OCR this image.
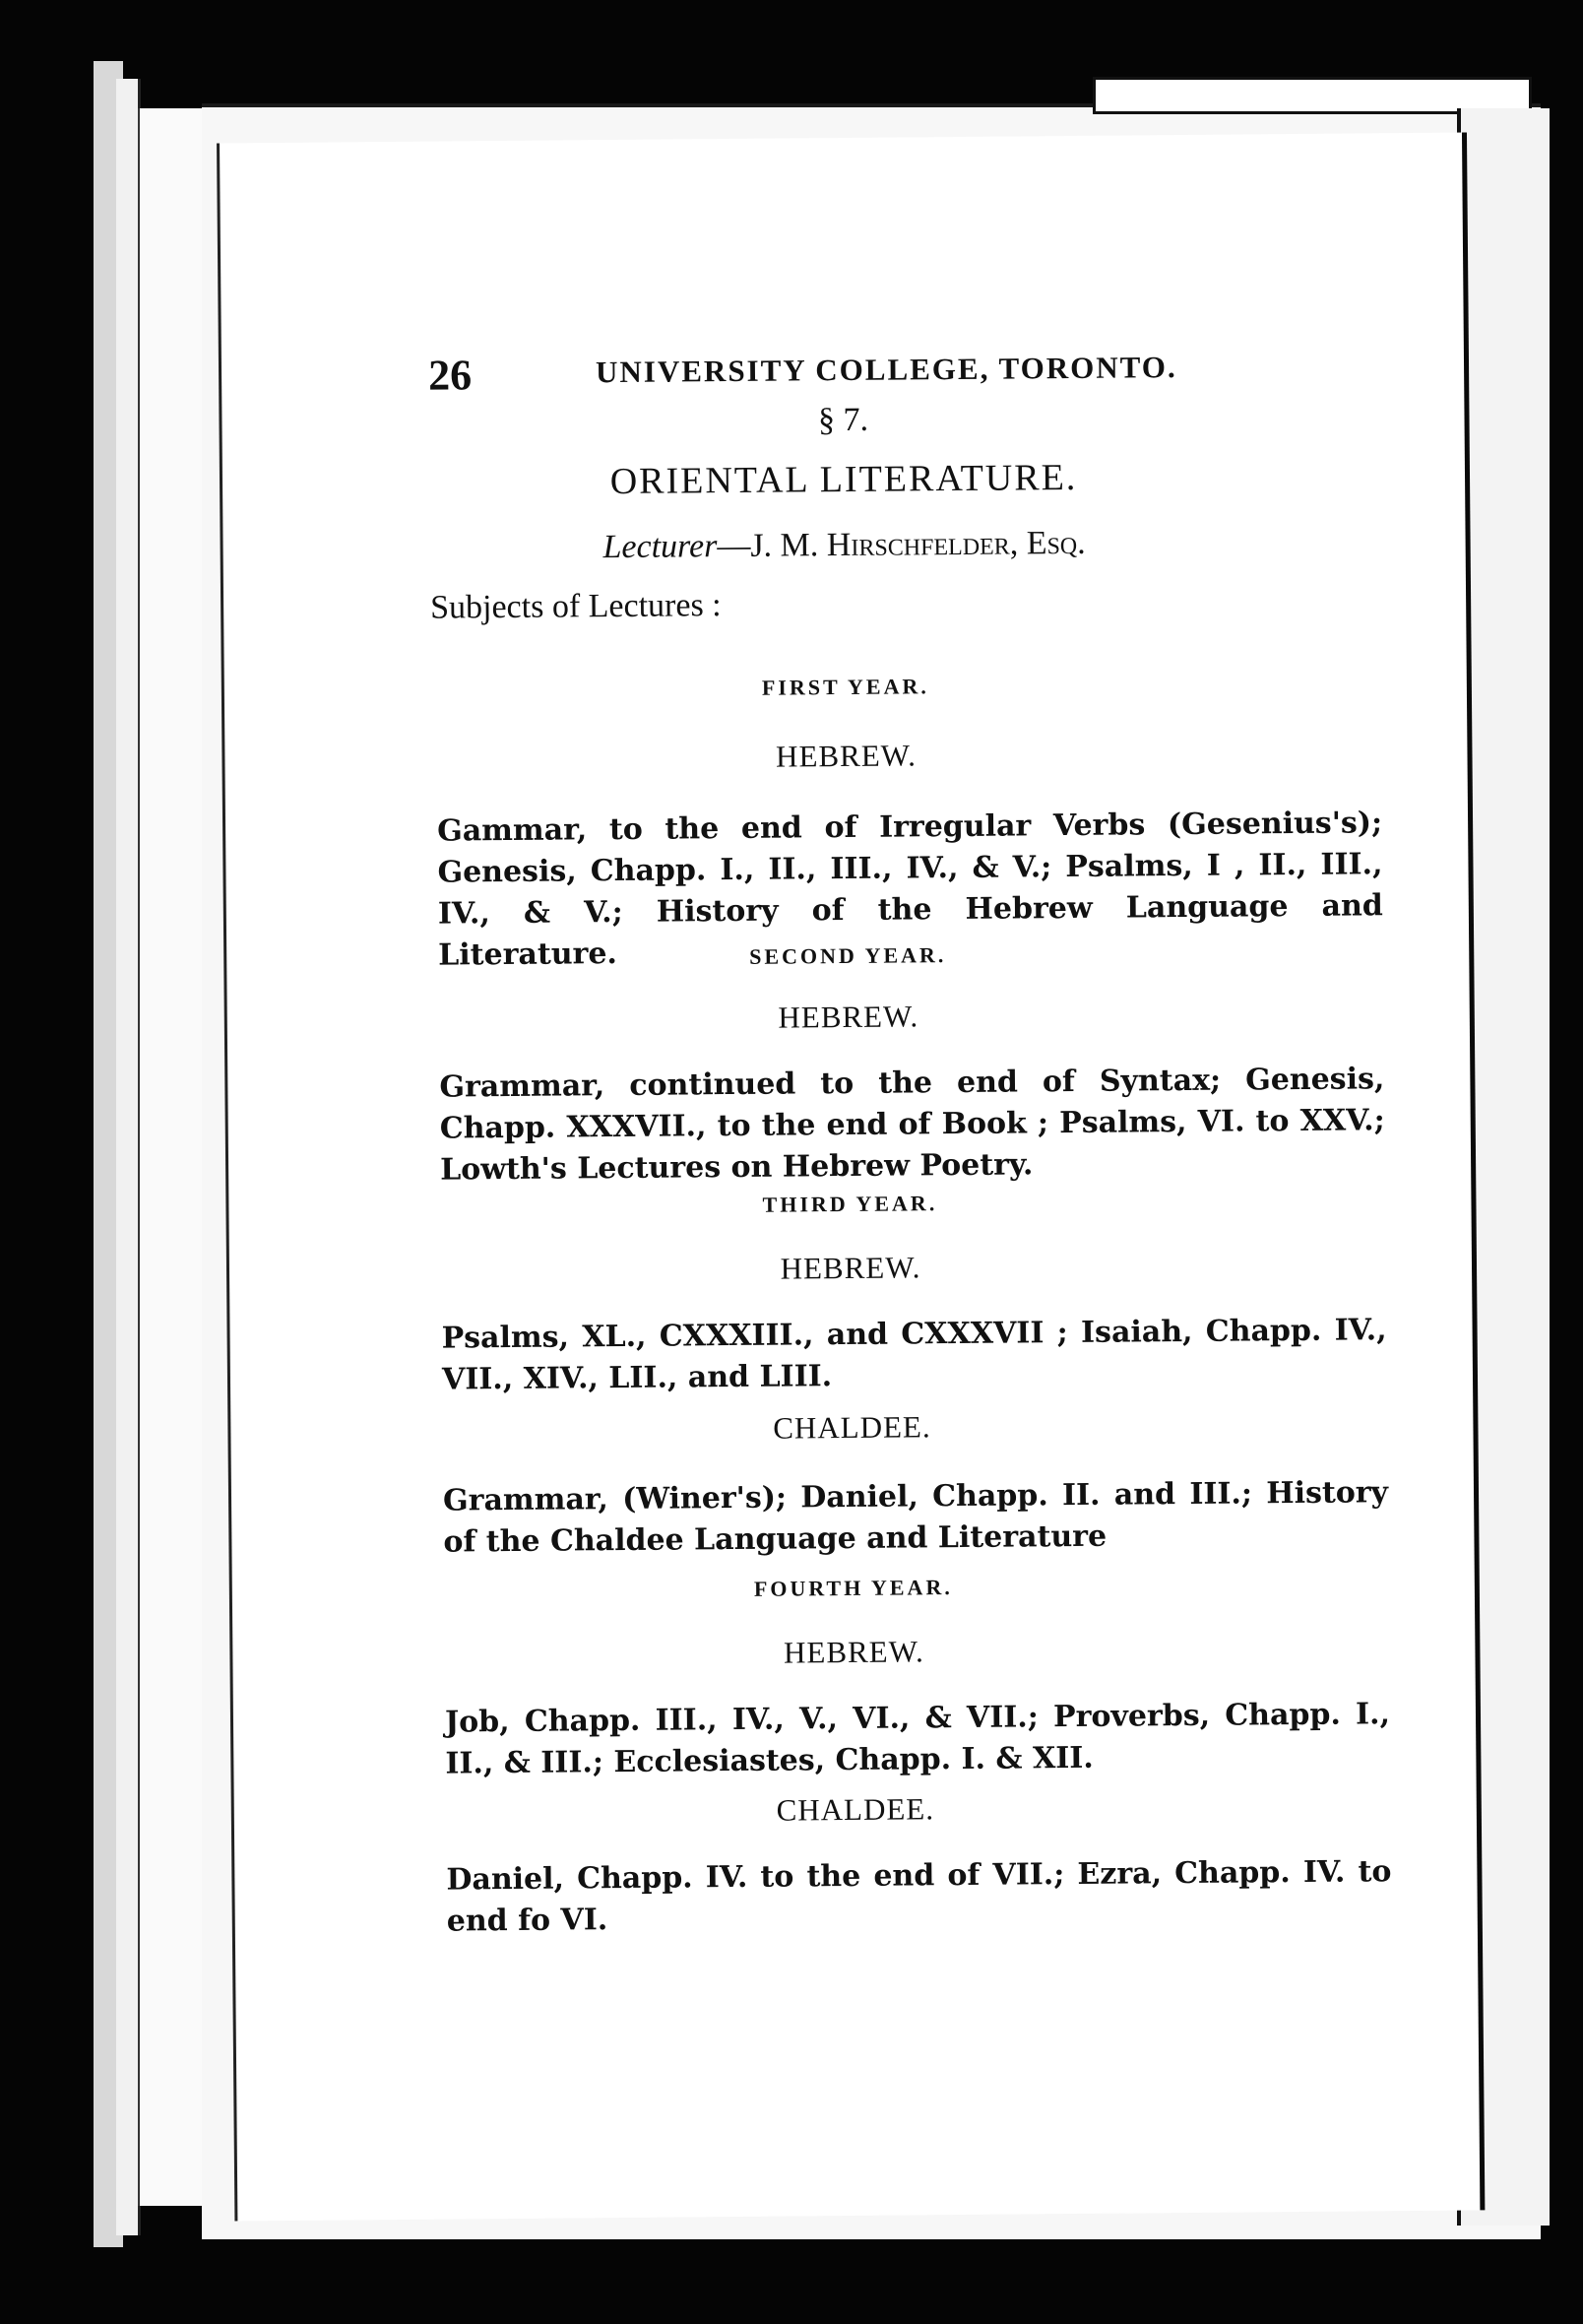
26	UNIVERSITY COLLEGE, TORONTO.
§ 7.
ORIENTAL LITERATURE.
Lecturer—J. M. Hirschfelder, Esq.
Subjects of Lectures :
FIRST YEAR.
HEBREW.
Gammar, to the end of Irregular Verbs (Gesenius's); Genesis, Chapp. I., II., III., IV., & V.; Psalms, I , II., III., IV., & V.; History of the Hebrew Language and Literature.	SECOND YEAR.
HEBREW.
Grammar, continued to the end of Syntax; Genesis, Chapp. XXXVII., to the end of Book ; Psalms, VI. to XXV.; Lowth's Lectures on Hebrew Poetry.
THIRD YEAR.
HEBREW.
Psalms, XL., CXXXIII., and CXXXVII ; Isaiah, Chapp. IV., VII., XIV., LII., and LIII.
CHALDEE.
Grammar, (Winer's); Daniel, Chapp. II. and III.; History of the Chaldee Language and Literature
FOURTH YEAR.
HEBREW.
Job, Chapp. III., IV., V., VI., & VII.; Proverbs, Chapp. I., II., & III.; Ecclesiastes, Chapp. I. & XII.
CHALDEE.
Daniel, Chapp. IV. to the end of VII.; Ezra, Chapp. IV. to end fo VI.
